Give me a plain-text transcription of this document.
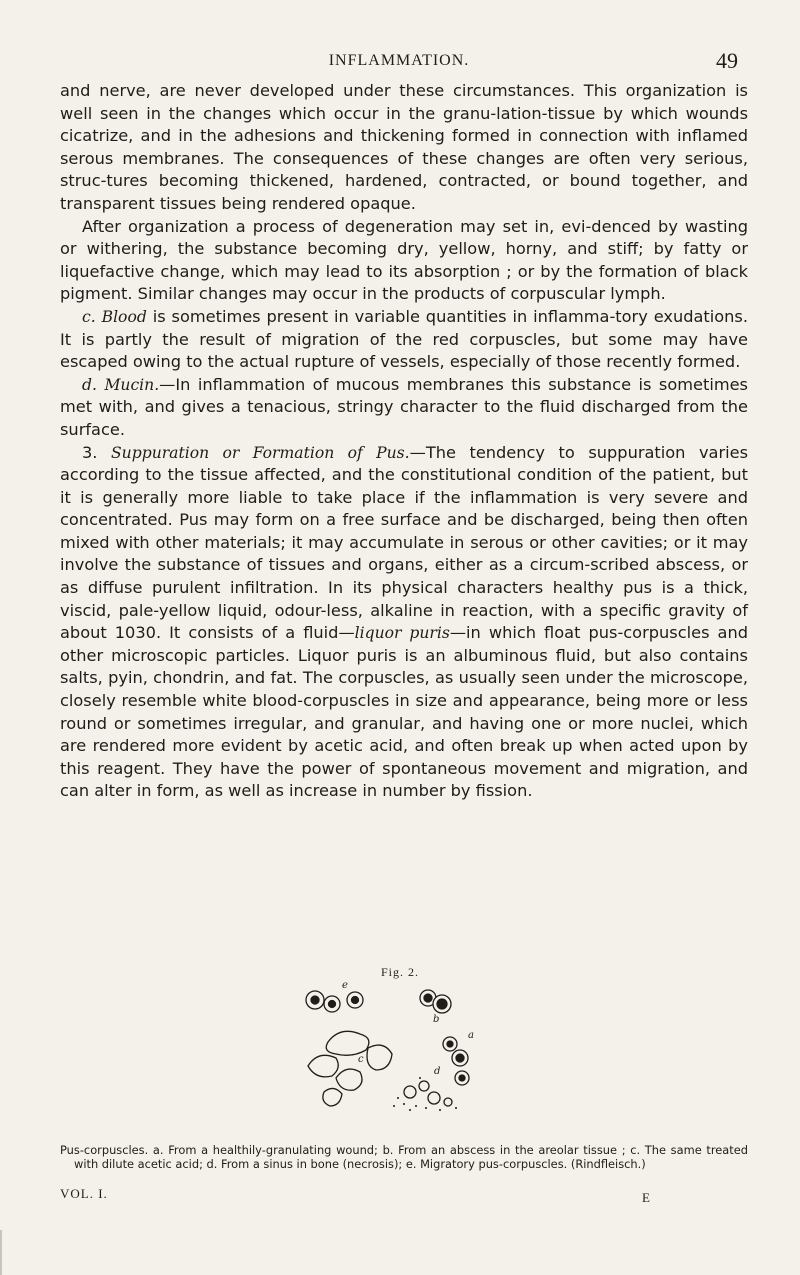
INFLAMMATION.	49

and nerve, are never developed under these circumstances. This organization is well seen in the changes which occur in the granu-lation-tissue by which wounds cicatrize, and in the adhesions and thickening formed in connection with inflamed serous membranes. The consequences of these changes are often very serious, struc-tures becoming thickened, hardened, contracted, or bound together, and transparent tissues being rendered opaque.

After organization a process of degeneration may set in, evi-denced by wasting or withering, the substance becoming dry, yellow, horny, and stiff; by fatty or liquefactive change, which may lead to its absorption ; or by the formation of black pigment. Similar changes may occur in the products of corpuscular lymph.

c. Blood is sometimes present in variable quantities in inflamma-tory exudations. It is partly the result of migration of the red corpuscles, but some may have escaped owing to the actual rupture of vessels, especially of those recently formed.

d. Mucin.—In inflammation of mucous membranes this substance is sometimes met with, and gives a tenacious, stringy character to the fluid discharged from the surface.

3. Suppuration or Formation of Pus.—The tendency to suppuration varies according to the tissue affected, and the constitutional condition of the patient, but it is generally more liable to take place if the inflammation is very severe and concentrated. Pus may form on a free surface and be discharged, being then often mixed with other materials; it may accumulate in serous or other cavities; or it may involve the substance of tissues and organs, either as a circum-scribed abscess, or as diffuse purulent infiltration. In its physical characters healthy pus is a thick, viscid, pale-yellow liquid, odour-less, alkaline in reaction, with a specific gravity of about 1030. It consists of a fluid—liquor puris—in which float pus-corpuscles and other microscopic particles. Liquor puris is an albuminous fluid, but also contains salts, pyin, chondrin, and fat. The corpuscles, as usually seen under the microscope, closely resemble white blood-corpuscles in size and appearance, being more or less round or sometimes irregular, and granular, and having one or more nuclei, which are rendered more evident by acetic acid, and often break up when acted upon by this reagent. They have the power of spontaneous movement and migration, and can alter in form, as well as increase in number by fission.

Fig. 2.
e
b
c
a
d

Pus-corpuscles. a. From a healthily-granulating wound; b. From an abscess in the areolar tissue ; c. The same treated with dilute acetic acid; d. From a sinus in bone (necrosis); e. Migratory pus-corpuscles. (Rindfleisch.)

VOL. I.	E
